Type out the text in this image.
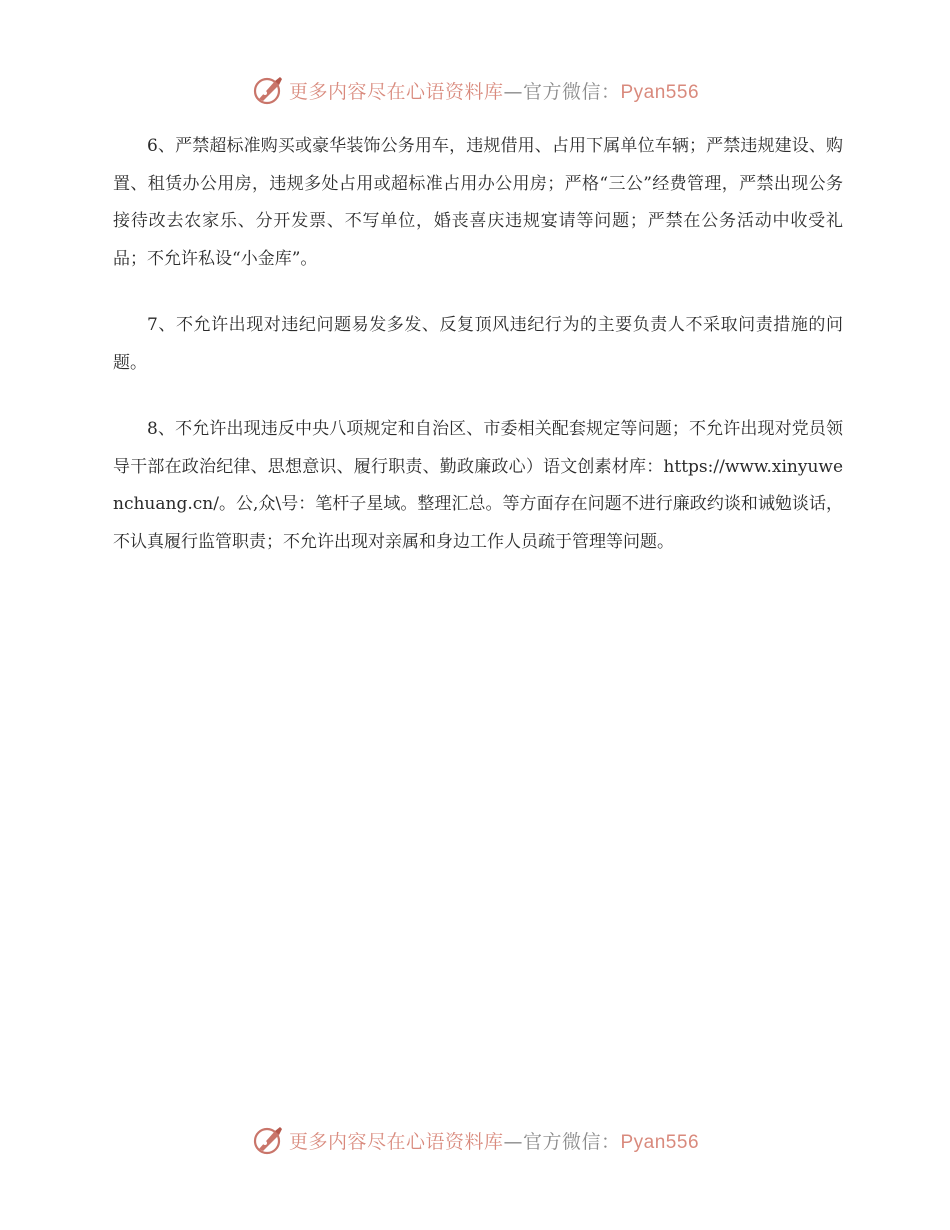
更多内容尽在心语资料库—官方微信：Pyan556

6、严禁超标准购买或豪华装饰公务用车，违规借用、占用下属单位车辆；严禁违规建设、购置、租赁办公用房，违规多处占用或超标准占用办公用房；严格“三公”经费管理，严禁出现公务接待改去农家乐、分开发票、不写单位，婚丧喜庆违规宴请等问题；严禁在公务活动中收受礼品；不允许私设“小金库”。

7、不允许出现对违纪问题易发多发、反复顶风违纪行为的主要负责人不采取问责措施的问题。

8、不允许出现违反中央八项规定和自治区、市委相关配套规定等问题；不允许出现对党员领导干部在政治纪律、思想意识、履行职责、勤政廉政心）语文创素材库：https://www.xinyuwenchuang.cn/。公,众\号：笔杆子星域。整理汇总。等方面存在问题不进行廉政约谈和诫勉谈话，不认真履行监管职责；不允许出现对亲属和身边工作人员疏于管理等问题。

更多内容尽在心语资料库—官方微信：Pyan556
